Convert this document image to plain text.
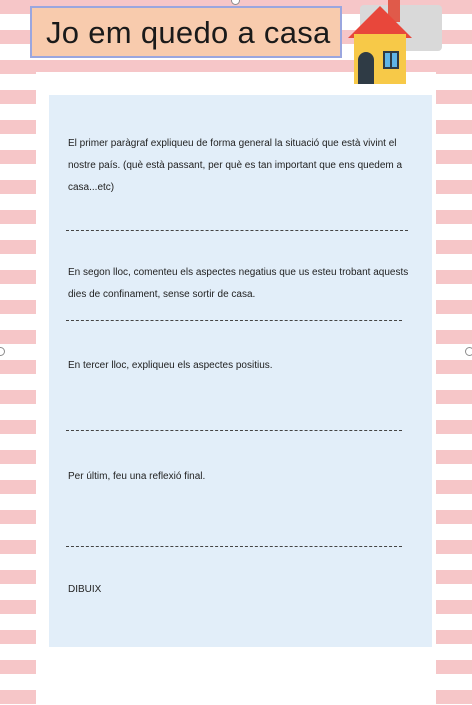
Jo em quedo a casa
El primer paràgraf expliqueu de forma general la situació que està vivint el nostre país. (què està passant, per què es tan important que ens quedem a casa...etc)
En segon lloc, comenteu els aspectes negatius que us esteu trobant aquests dies de confinament, sense sortir de casa.
En tercer lloc, expliqueu els aspectes positius.
Per últim, feu una reflexió final.
DIBUIX
